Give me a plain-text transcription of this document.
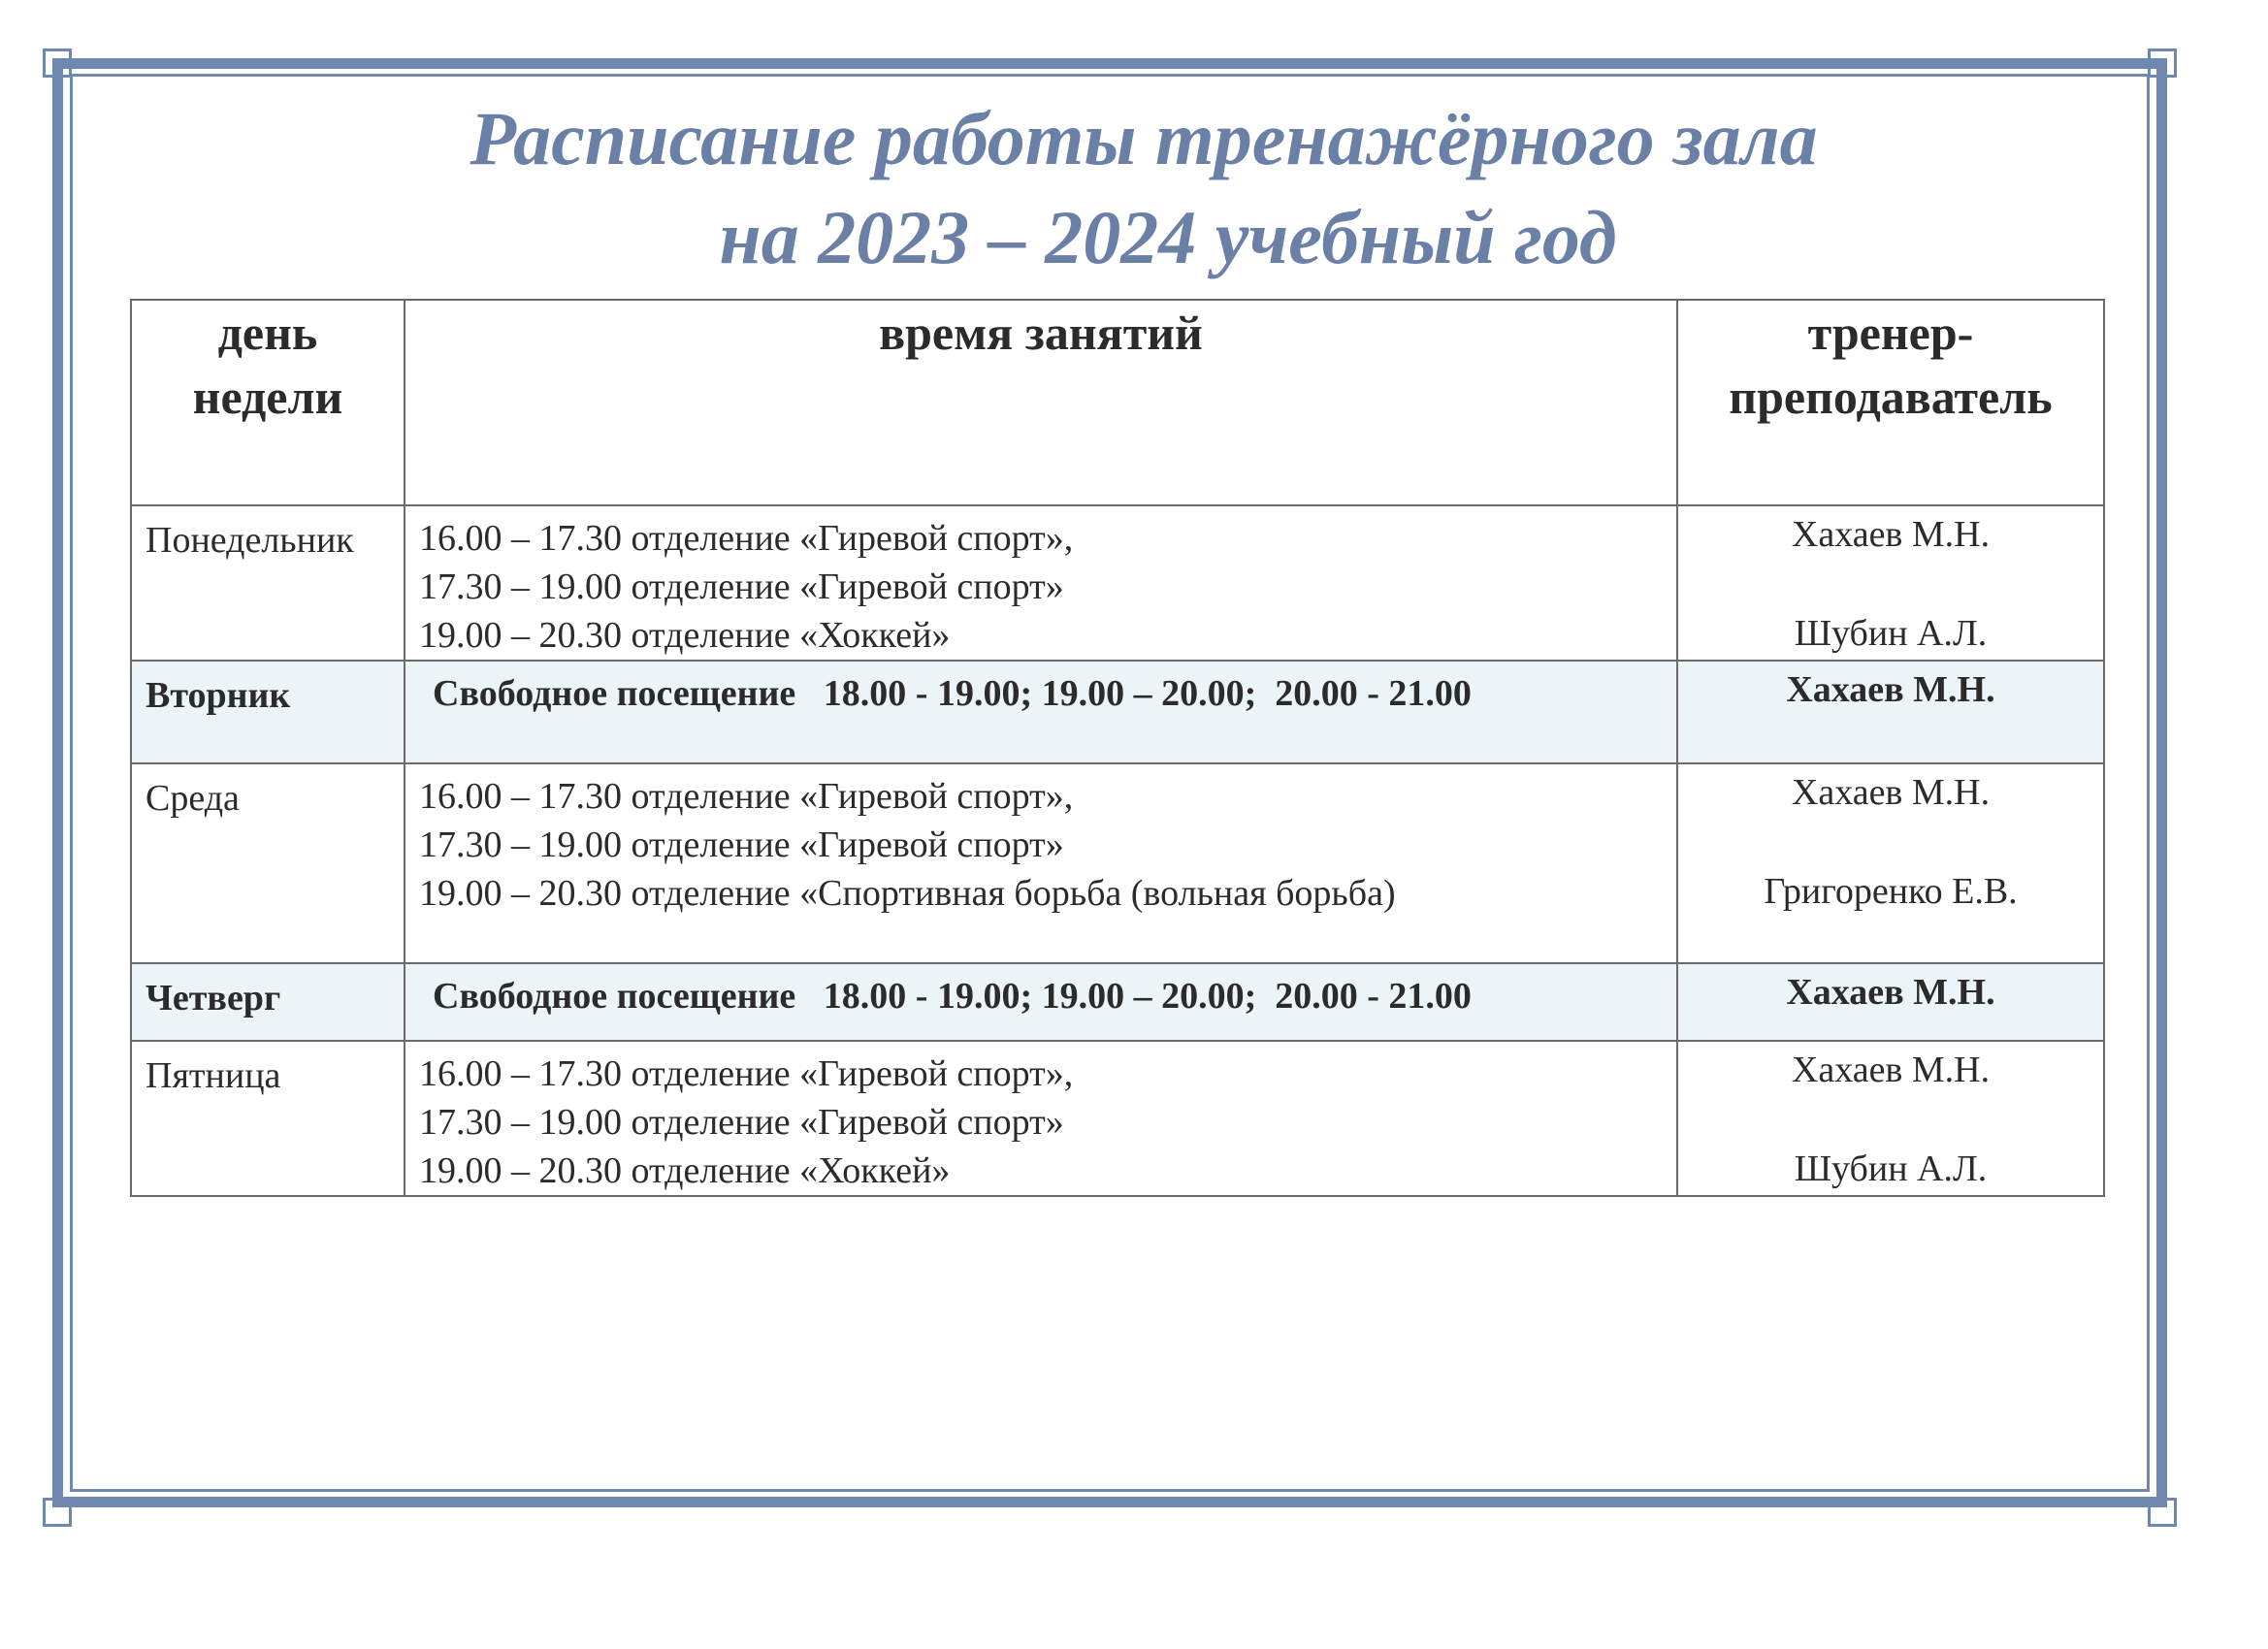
Расписание работы тренажёрного зала
на 2023 – 2024 учебный год
день
недели	время занятий	тренер-
преподаватель

Понедельник	16.00 – 17.30 отделение «Гиревой спорт»,
17.30 – 19.00 отделение «Гиревой спорт»
19.00 – 20.30 отделение «Хоккей»	Хахаев М.Н.
Шубин А.Л.

Вторник	Свободное посещение   18.00 - 19.00; 19.00 – 20.00;  20.00 - 21.00	Хахаев М.Н.

Среда	16.00 – 17.30 отделение «Гиревой спорт»,
17.30 – 19.00 отделение «Гиревой спорт»
19.00 – 20.30 отделение «Спортивная борьба (вольная борьба)	Хахаев М.Н.
Григоренко Е.В.

Четверг	Свободное посещение   18.00 - 19.00; 19.00 – 20.00;  20.00 - 21.00	Хахаев М.Н.

Пятница	16.00 – 17.30 отделение «Гиревой спорт»,
17.30 – 19.00 отделение «Гиревой спорт»
19.00 – 20.30 отделение «Хоккей»	Хахаев М.Н.
Шубин А.Л.
